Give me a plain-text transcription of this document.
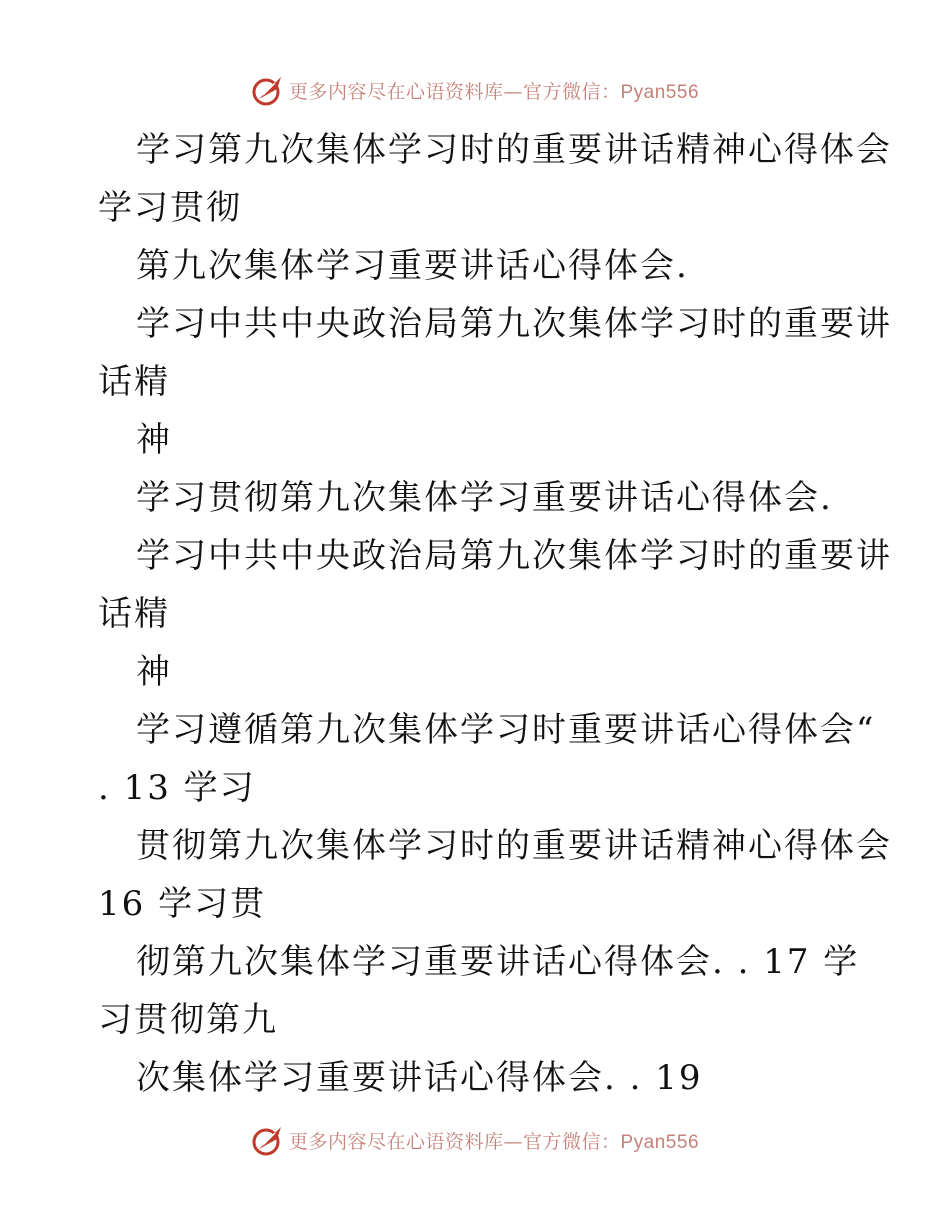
更多内容尽在心语资料库—官方微信：Pyan556
学习第九次集体学习时的重要讲话精神心得体会
学习贯彻
第九次集体学习重要讲话心得体会.
学习中共中央政治局第九次集体学习时的重要讲
话精
神
学习贯彻第九次集体学习重要讲话心得体会.
学习中共中央政治局第九次集体学习时的重要讲
话精
神
学习遵循第九次集体学习时重要讲话心得体会“
. 13 学习
贯彻第九次集体学习时的重要讲话精神心得体会
16 学习贯
彻第九次集体学习重要讲话心得体会. . 17 学
习贯彻第九
次集体学习重要讲话心得体会. . 19
更多内容尽在心语资料库—官方微信：Pyan556
